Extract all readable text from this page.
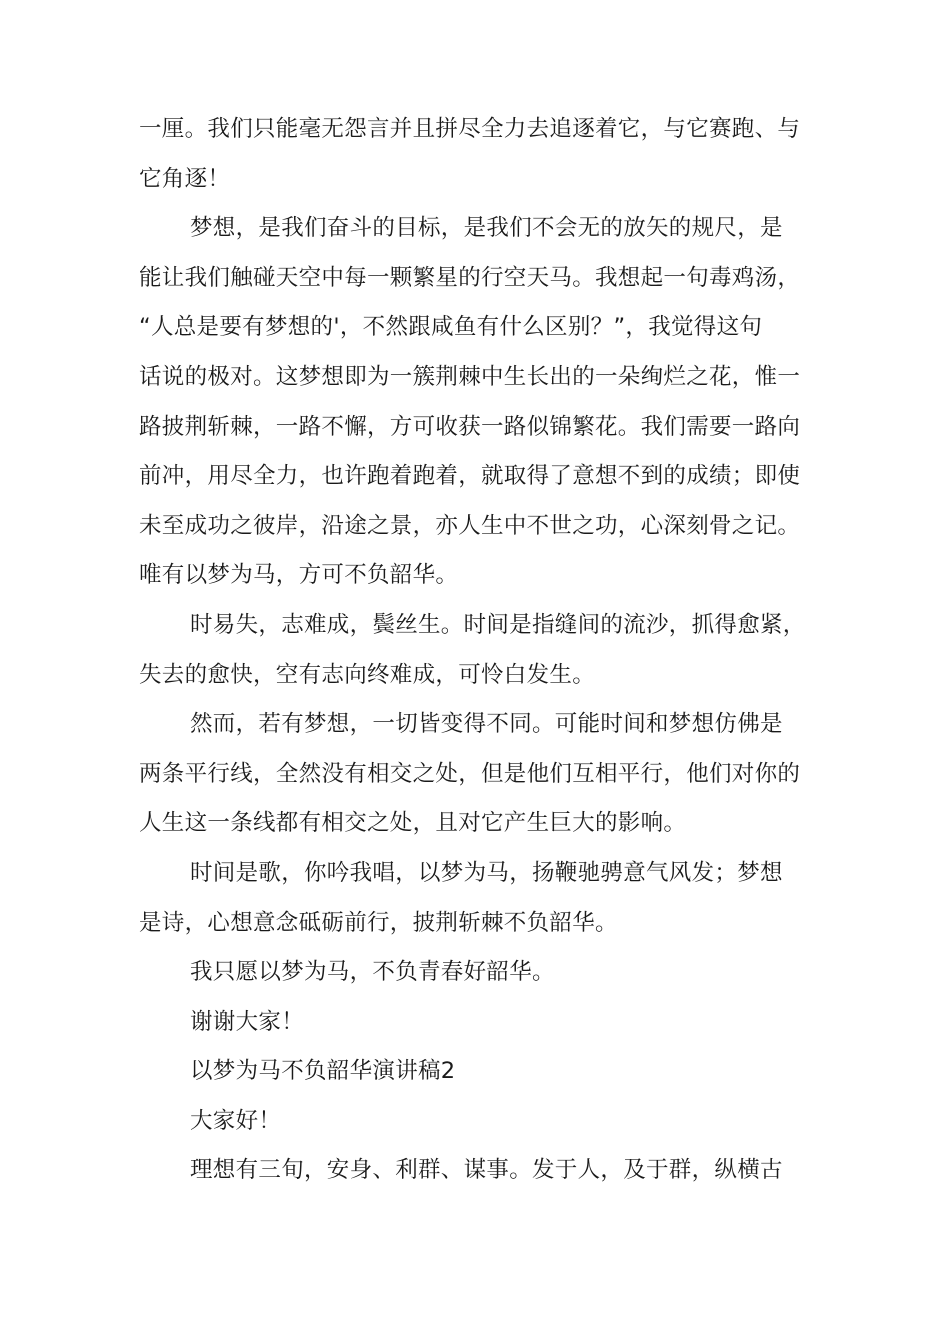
一厘。我们只能毫无怨言并且拼尽全力去追逐着它，与它赛跑、与
它角逐！
梦想，是我们奋斗的目标，是我们不会无的放矢的规尺，是
能让我们触碰天空中每一颗繁星的行空天马。我想起一句毒鸡汤，
“人总是要有梦想的'，不然跟咸鱼有什么区别？”，我觉得这句
话说的极对。这梦想即为一簇荆棘中生长出的一朵绚烂之花，惟一
路披荆斩棘，一路不懈，方可收获一路似锦繁花。我们需要一路向
前冲，用尽全力，也许跑着跑着，就取得了意想不到的成绩；即使
未至成功之彼岸，沿途之景，亦人生中不世之功，心深刻骨之记。
唯有以梦为马，方可不负韶华。
时易失，志难成，鬓丝生。时间是指缝间的流沙，抓得愈紧，
失去的愈快，空有志向终难成，可怜白发生。
然而，若有梦想，一切皆变得不同。可能时间和梦想仿佛是
两条平行线，全然没有相交之处，但是他们互相平行，他们对你的
人生这一条线都有相交之处，且对它产生巨大的影响。
时间是歌，你吟我唱，以梦为马，扬鞭驰骋意气风发；梦想
是诗，心想意念砥砺前行，披荆斩棘不负韶华。
我只愿以梦为马，不负青春好韶华。
谢谢大家！
以梦为马不负韶华演讲稿2
大家好！
理想有三旬，安身、利群、谋事。发于人，及于群，纵横古
